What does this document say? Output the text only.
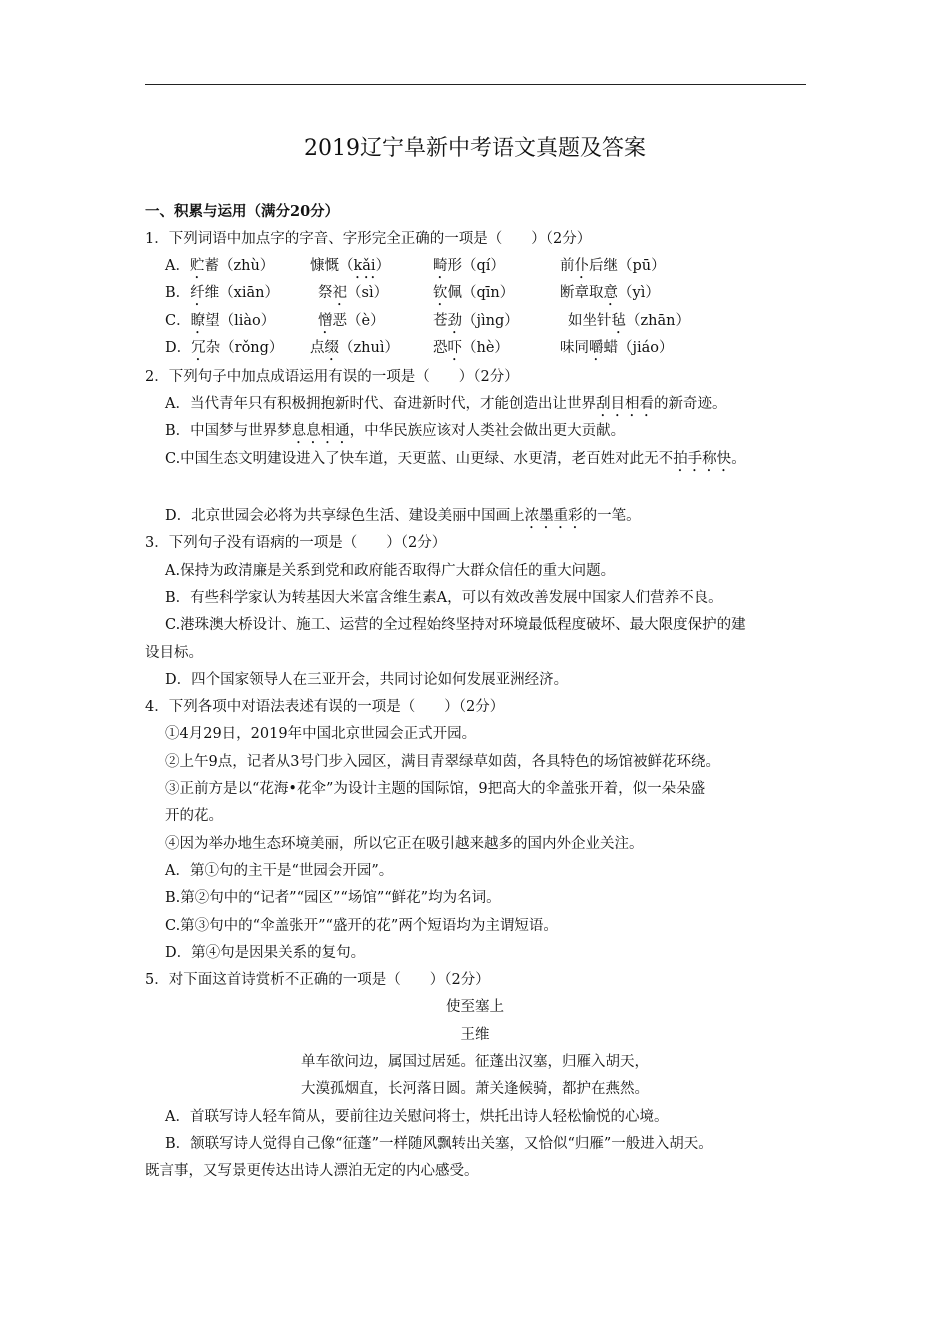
2019辽宁阜新中考语文真题及答案
一、积累与运用（满分20分）
1．下列词语中加点字的字音、字形完全正确的一项是（　　）（2分）
A．贮蓄（zhù） 慷慨（kǎi）	畸形（qí）	前仆后继（pū）
B．纤维（xiān）	祭祀（sì）	钦佩（qīn）	断章取意（yì）
C．瞭望（liào）	憎恶（è）	苍劲（jìng）	如坐针毡（zhān）
D．冗杂（rǒng） 点缀（zhuì） 恐吓（hè）	味同嚼蜡（jiáo）
2．下列句子中加点成语运用有误的一项是（　　）（2分）
A．当代青年只有积极拥抱新时代、奋进新时代，才能创造出让世界刮目相看的新奇迹。
B．中国梦与世界梦息息相通，中华民族应该对人类社会做出更大贡献。
C.中国生态文明建设进入了快车道，天更蓝、山更绿、水更清，老百姓对此无不拍手称快。
D．北京世园会必将为共享绿色生活、建设美丽中国画上浓墨重彩的一笔。
3．下列句子没有语病的一项是（　　）（2分）
A.保持为政清廉是关系到党和政府能否取得广大群众信任的重大问题。
B．有些科学家认为转基因大米富含维生素A，可以有效改善发展中国家人们营养不良。
C.港珠澳大桥设计、施工、运营的全过程始终坚持对环境最低程度破坏、最大限度保护的建
设目标。
D．四个国家领导人在三亚开会，共同讨论如何发展亚洲经济。
4．下列各项中对语法表述有误的一项是（　　）（2分）
①4月29日，2019年中国北京世园会正式开园。
②上午9点，记者从3号门步入园区，满目青翠绿草如茵，各具特色的场馆被鲜花环绕。
③正前方是以“花海•花伞”为设计主题的国际馆，9把高大的伞盖张开着，似一朵朵盛
开的花。
④因为举办地生态环境美丽，所以它正在吸引越来越多的国内外企业关注。
A．第①句的主干是“世园会开园”。
B.第②句中的“记者”“园区”“场馆”“鲜花”均为名词。
C.第③句中的“伞盖张开”“盛开的花”两个短语均为主谓短语。
D．第④句是因果关系的复句。
5．对下面这首诗赏析不正确的一项是（　　）（2分）
使至塞上
王维
单车欲问边，属国过居延。征蓬出汉塞，归雁入胡天，
大漠孤烟直，长河落日圆。萧关逢候骑，都护在燕然。
A．首联写诗人轻车简从，要前往边关慰问将士，烘托出诗人轻松愉悦的心境。
B．颔联写诗人觉得自己像“征蓬”一样随风飘转出关塞，又恰似“归雁”一般进入胡天。
既言事，又写景更传达出诗人漂泊无定的内心感受。
